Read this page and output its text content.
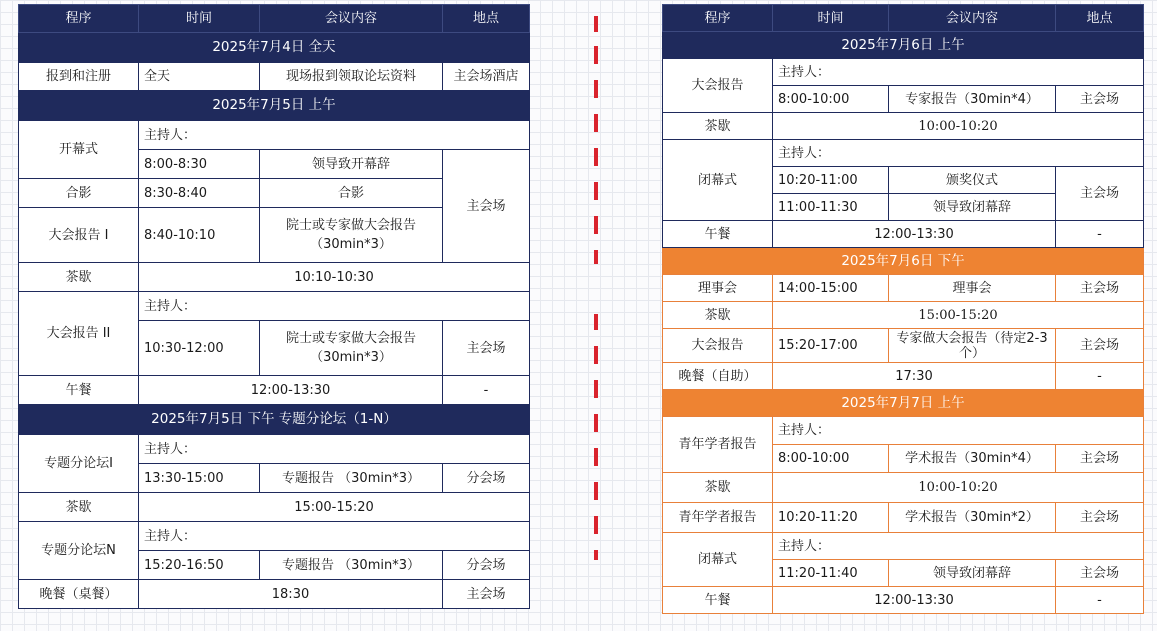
程序	时间	会议内容	地点
2025年7月4日 全天			
报到和注册	全天	现场报到领取论坛资料	主会场酒店
2025年7月5日 上午			
开幕式	主持人：		
	8:00-8:30	领导致开幕辞	主会场
合影	8:30-8:40	合影	
大会报告 I	8:40-10:10	院士或专家做大会报告（30min*3）	
茶歇	10:10-10:30		
大会报告 II	主持人：		
	10:30-12:00	院士或专家做大会报告（30min*3）	主会场
午餐	12:00-13:30		-
2025年7月5日 下午 专题分论坛（1-N）			
专题分论坛I	主持人：		
	13:30-15:00	专题报告 （30min*3）	分会场
茶歇	15:00-15:20		
专题分论坛N	主持人：		
	15:20-16:50	专题报告 （30min*3）	分会场
晚餐（桌餐）	18:30		主会场
程序	时间	会议内容	地点
2025年7月6日 上午			
大会报告	主持人：		
	8:00-10:00	专家报告（30min*4）	主会场
茶歇	10:00-10:20		
闭幕式	主持人：		
	10:20-11:00	颁奖仪式	主会场
	11:00-11:30	领导致闭幕辞	
午餐	12:00-13:30		-
2025年7月6日 下午			
理事会	14:00-15:00	理事会	主会场
茶歇	15:00-15:20		
大会报告	15:20-17:00	专家做大会报告（待定2-3个）	主会场
晚餐（自助）	17:30		-
2025年7月7日 上午			
青年学者报告	主持人：		
	8:00-10:00	学术报告（30min*4）	主会场
茶歇	10:00-10:20		
青年学者报告	10:20-11:20	学术报告（30min*2）	主会场
闭幕式	主持人：		
	11:20-11:40	领导致闭幕辞	主会场
午餐	12:00-13:30		-
